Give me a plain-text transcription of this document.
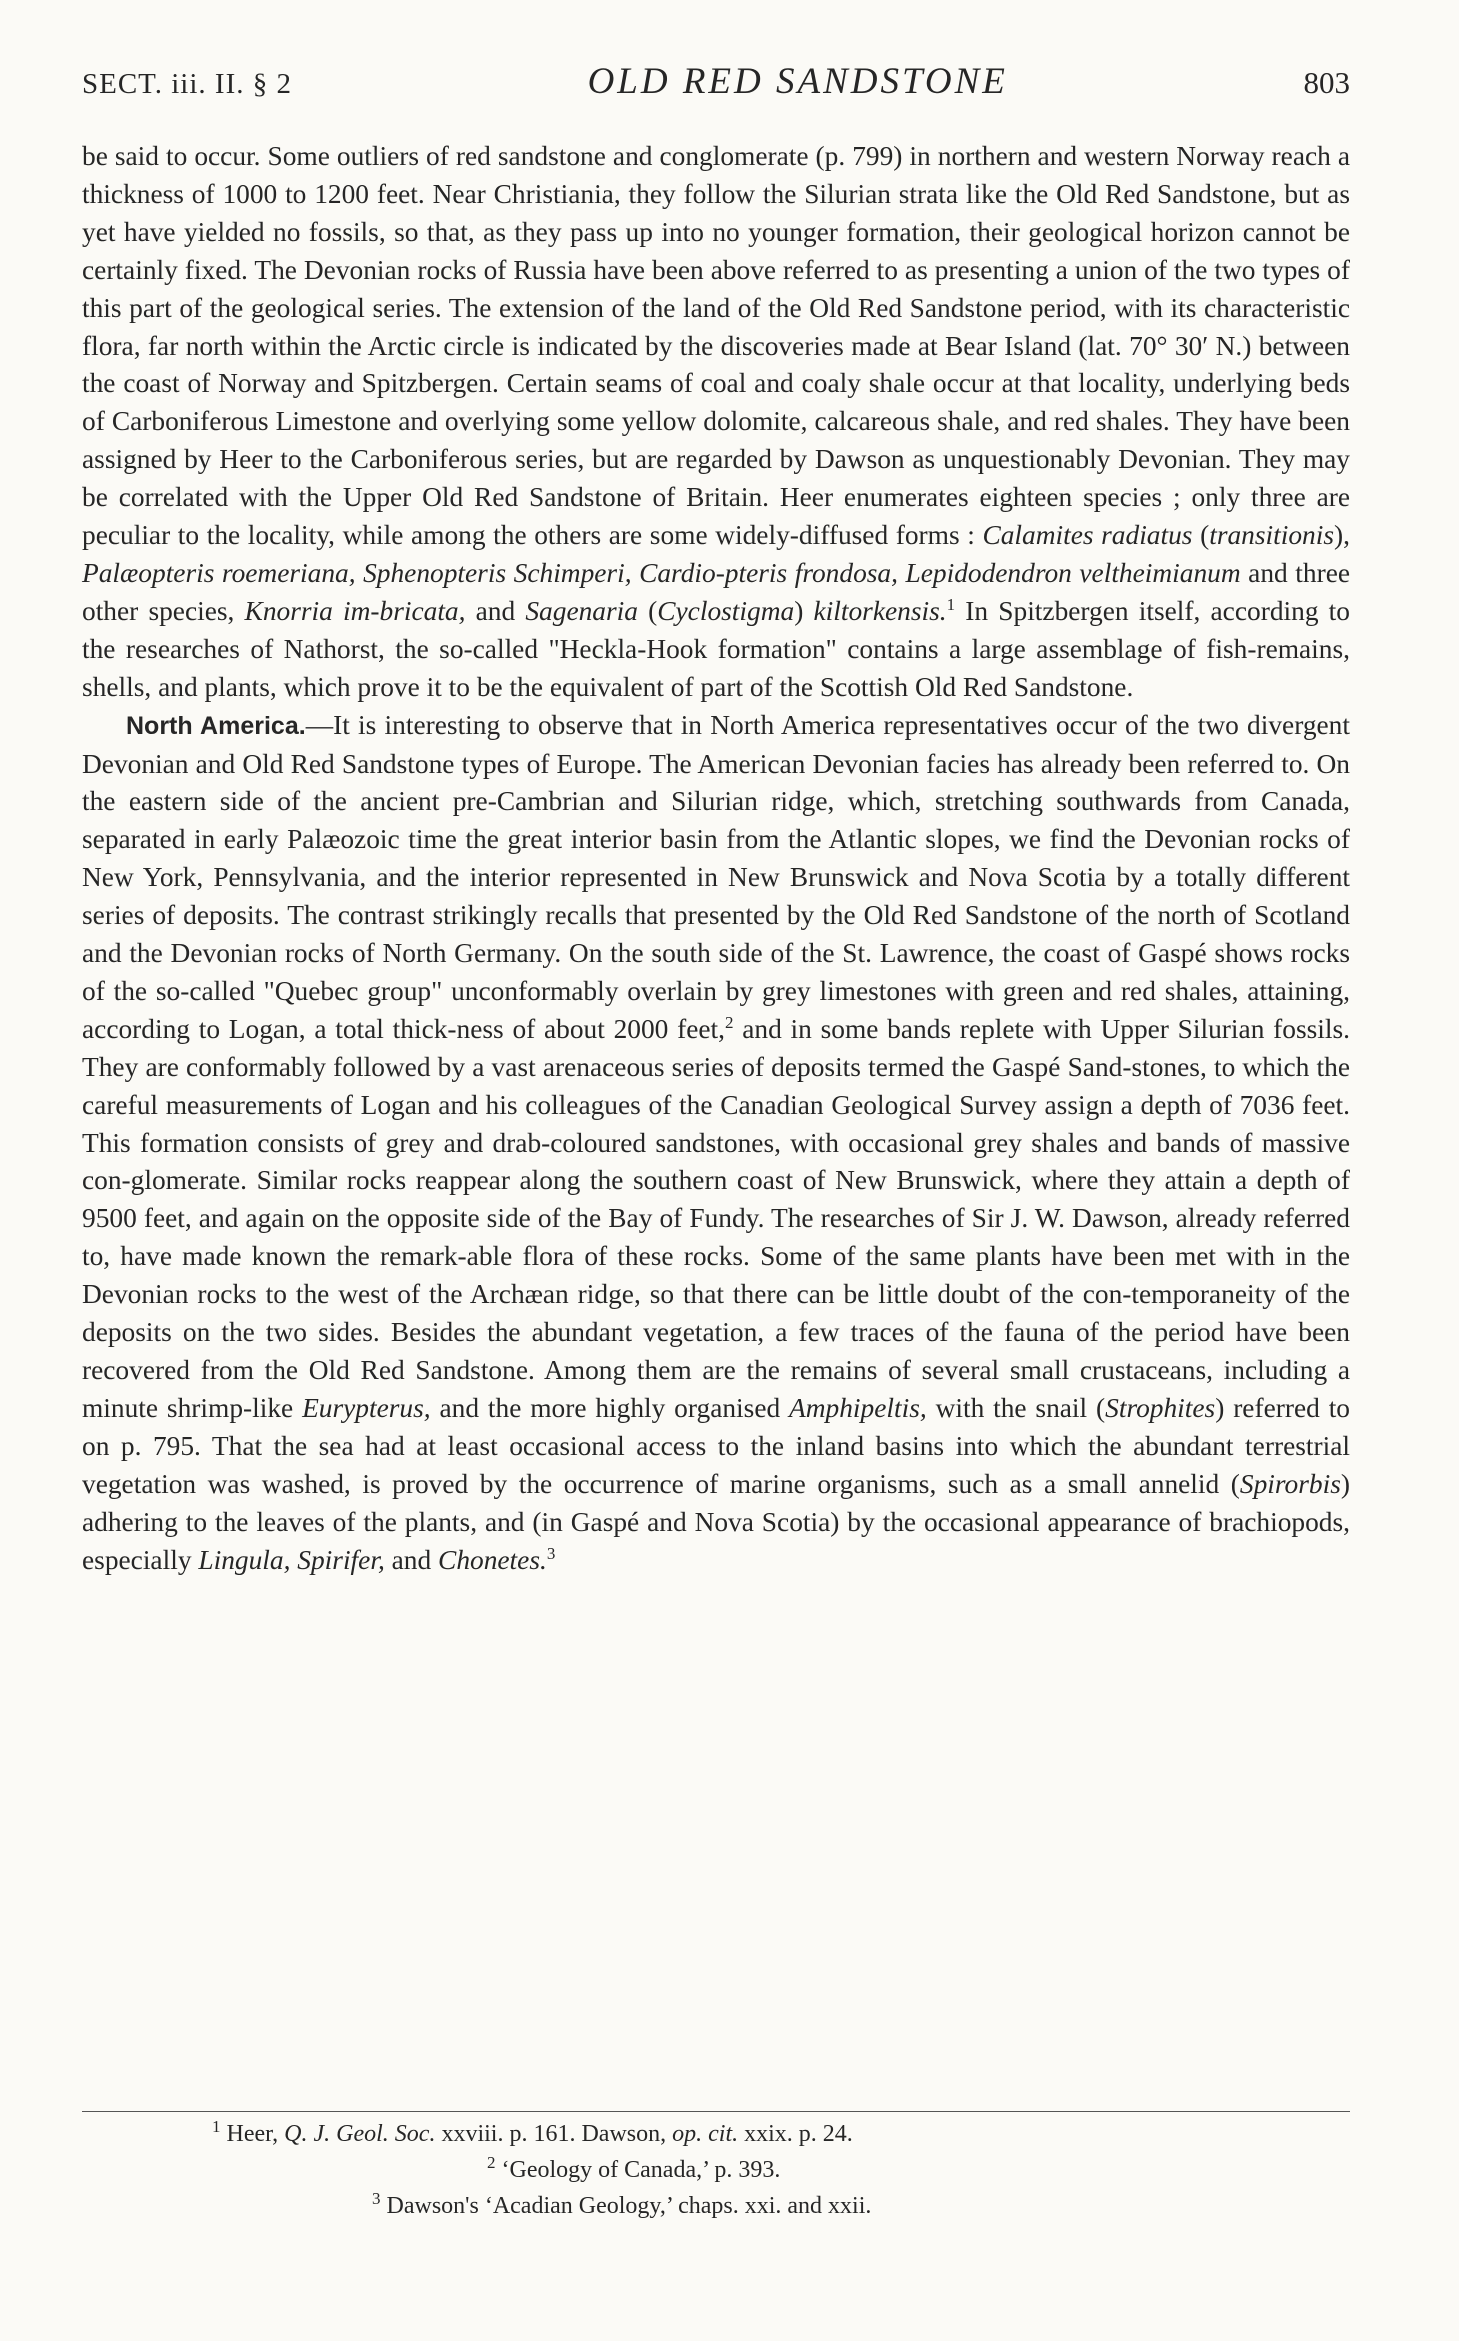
SECT. iii. II. § 2	OLD RED SANDSTONE	803

be said to occur. Some outliers of red sandstone and conglomerate (p. 799) in northern and western Norway reach a thickness of 1000 to 1200 feet. Near Christiania, they follow the Silurian strata like the Old Red Sandstone, but as yet have yielded no fossils, so that, as they pass up into no younger formation, their geological horizon cannot be certainly fixed. The Devonian rocks of Russia have been above referred to as presenting a union of the two types of this part of the geological series. The extension of the land of the Old Red Sandstone period, with its characteristic flora, far north within the Arctic circle is indicated by the discoveries made at Bear Island (lat. 70° 30′ N.) between the coast of Norway and Spitzbergen. Certain seams of coal and coaly shale occur at that locality, underlying beds of Carboniferous Limestone and overlying some yellow dolomite, calcareous shale, and red shales. They have been assigned by Heer to the Carboniferous series, but are regarded by Dawson as unquestionably Devonian. They may be correlated with the Upper Old Red Sandstone of Britain. Heer enumerates eighteen species ; only three are peculiar to the locality, while among the others are some widely-diffused forms : Calamites radiatus (transitionis), Palæopteris roemeriana, Sphenopteris Schimperi, Cardio-pteris frondosa, Lepidodendron veltheimianum and three other species, Knorria im-bricata, and Sagenaria (Cyclostigma) kiltorkensis.$^1$ In Spitzbergen itself, according to the researches of Nathorst, the so-called "Heckla-Hook formation" contains a large assemblage of fish-remains, shells, and plants, which prove it to be the equivalent of part of the Scottish Old Red Sandstone.

North America.—It is interesting to observe that in North America representatives occur of the two divergent Devonian and Old Red Sandstone types of Europe. The American Devonian facies has already been referred to. On the eastern side of the ancient pre-Cambrian and Silurian ridge, which, stretching southwards from Canada, separated in early Palæozoic time the great interior basin from the Atlantic slopes, we find the Devonian rocks of New York, Pennsylvania, and the interior represented in New Brunswick and Nova Scotia by a totally different series of deposits. The contrast strikingly recalls that presented by the Old Red Sandstone of the north of Scotland and the Devonian rocks of North Germany. On the south side of the St. Lawrence, the coast of Gaspé shows rocks of the so-called "Quebec group" unconformably overlain by grey limestones with green and red shales, attaining, according to Logan, a total thick-ness of about 2000 feet,$^2$ and in some bands replete with Upper Silurian fossils. They are conformably followed by a vast arenaceous series of deposits termed the Gaspé Sand-stones, to which the careful measurements of Logan and his colleagues of the Canadian Geological Survey assign a depth of 7036 feet. This formation consists of grey and drab-coloured sandstones, with occasional grey shales and bands of massive con-glomerate. Similar rocks reappear along the southern coast of New Brunswick, where they attain a depth of 9500 feet, and again on the opposite side of the Bay of Fundy. The researches of Sir J. W. Dawson, already referred to, have made known the remark-able flora of these rocks. Some of the same plants have been met with in the Devonian rocks to the west of the Archæan ridge, so that there can be little doubt of the con-temporaneity of the deposits on the two sides. Besides the abundant vegetation, a few traces of the fauna of the period have been recovered from the Old Red Sandstone. Among them are the remains of several small crustaceans, including a minute shrimp-like Eurypterus, and the more highly organised Amphipeltis, with the snail (Strophites) referred to on p. 795. That the sea had at least occasional access to the inland basins into which the abundant terrestrial vegetation was washed, is proved by the occurrence of marine organisms, such as a small annelid (Spirorbis) adhering to the leaves of the plants, and (in Gaspé and Nova Scotia) by the occasional appearance of brachiopods, especially Lingula, Spirifer, and Chonetes.$^3$

$^1$ Heer, Q. J. Geol. Soc. xxviii. p. 161. Dawson, op. cit. xxix. p. 24.
$^2$ ‘Geology of Canada,’ p. 393.
$^3$ Dawson's ‘Acadian Geology,’ chaps. xxi. and xxii.
